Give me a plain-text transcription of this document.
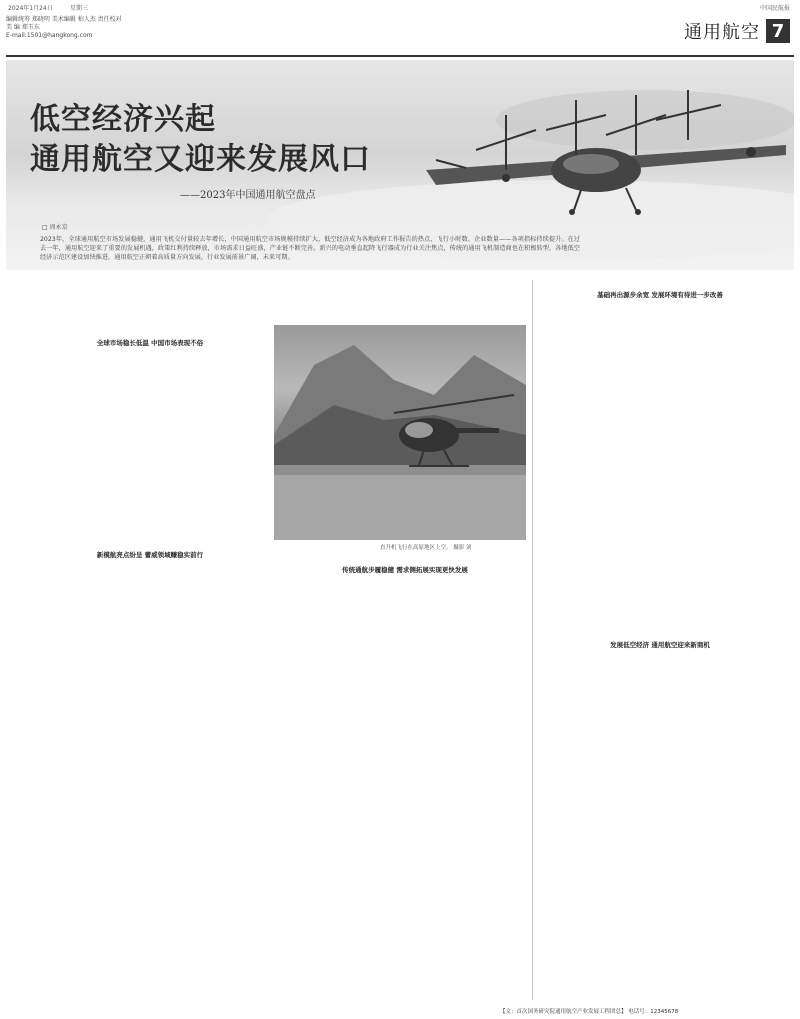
2024年1月24日	星期三	中国民航报
编辑统筹 郑晓明 美术编辑 柏人杰 责任校对
美 编 郑玉东
E-mail:1501@hangkong.com	通用航空 7
低空经济兴起
通用航空又迎来发展风口
——2023年中国通用航空盘点
□ 周永京
2023年，全球通用航空市场发展稳健，通用飞机交付量较去年增长，中国通用航空市场规模持续扩大，低空经济成为各地政府工作报告的热点，飞行小时数、企业数量——各项指标持续提升。在过去一年，通用航空迎来了重要的发展机遇，政策红利持续释放，市场需求日益旺盛，产业链不断完善。新兴的电动垂直起降飞行器成为行业关注焦点，传统的通用飞机制造商也在积极转型，各地低空经济示范区建设加快推进，通用航空正朝着高质量方向发展，行业发展前景广阔，未来可期。
全球市场稳长低温 中国市场表现不俗
新模航亮点纷呈 蕾威领域赚稳实前行
传统通航步履稳健 需求侧拓展实现更快发展
基础再出源步余宽 发展环境有待进一步改善
发展低空经济 通用航空迎来新商机
直升机飞行在高原地区上空。 摄影 刘
【文：首次国务研究院通用航空产业发展工程团总】 电话号：12345678
